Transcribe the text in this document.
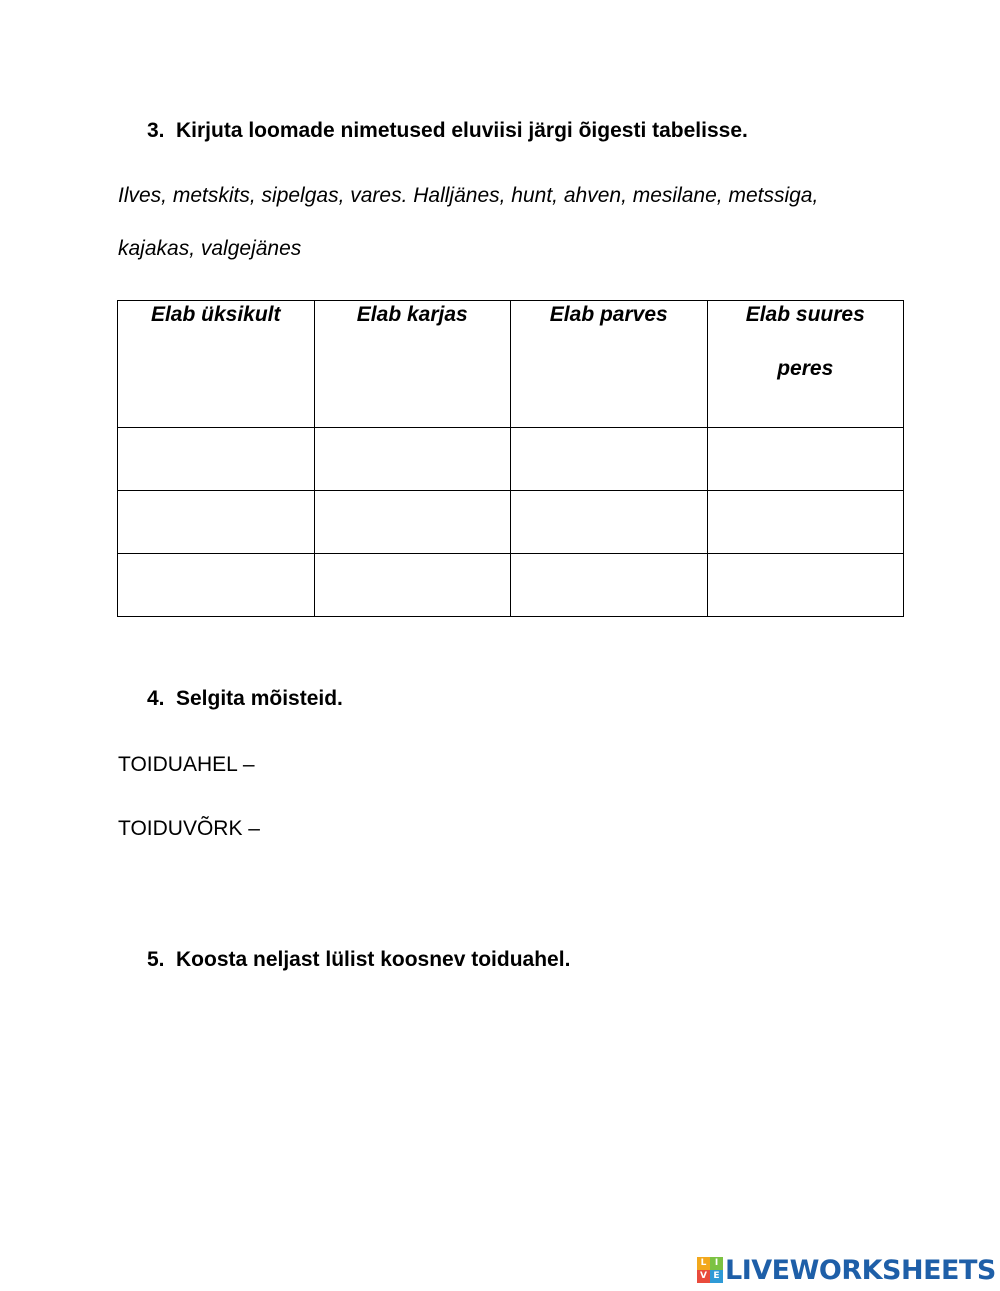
3. Kirjuta loomade nimetused eluviisi järgi õigesti tabelisse.
Ilves, metskits, sipelgas, vares. Halljänes, hunt, ahven, mesilane, metssiga,
kajakas, valgejänes
Elab üksikult	Elab karjas	Elab parves	Elab suures peres

4. Selgita mõisteid.
TOIDUAHEL –
TOIDUVÕRK –
5. Koosta neljast lülist koosnev toiduahel.
L I
V E LIVEWORKSHEETS
